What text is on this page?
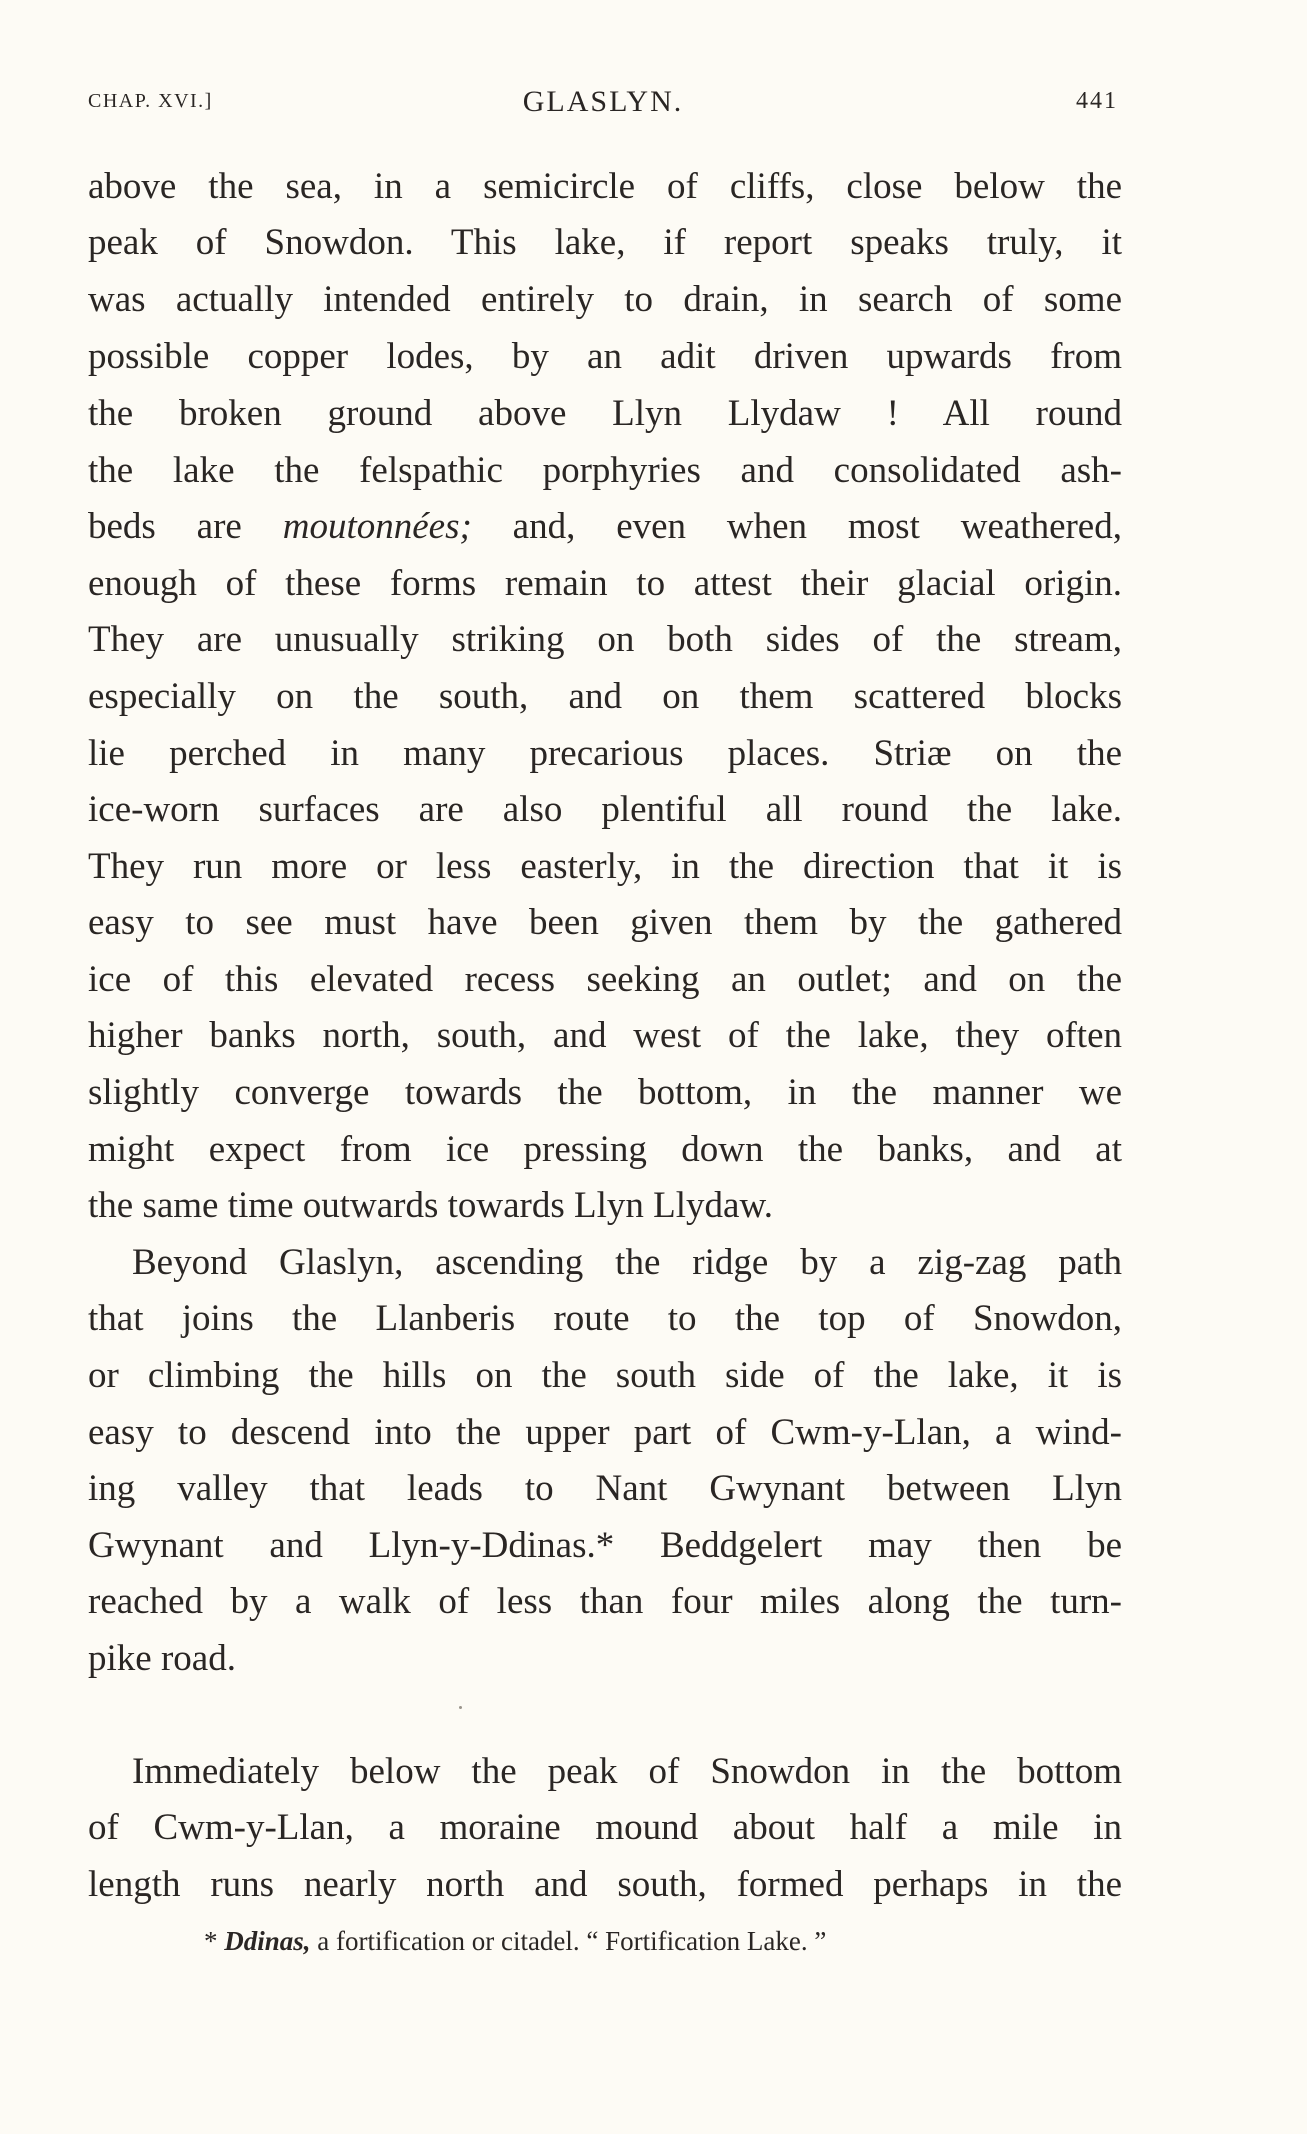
CHAP. XVI.]	GLASLYN.	441
above the sea, in a semicircle of cliffs, close below the
peak of Snowdon. This lake, if report speaks truly, it
was actually intended entirely to drain, in search of some
possible copper lodes, by an adit driven upwards from
the broken ground above Llyn Llydaw ! All round
the lake the felspathic porphyries and consolidated ash-
beds are moutonnées; and, even when most weathered,
enough of these forms remain to attest their glacial origin.
They are unusually striking on both sides of the stream,
especially on the south, and on them scattered blocks
lie perched in many precarious places. Striæ on the
ice-worn surfaces are also plentiful all round the lake.
They run more or less easterly, in the direction that it is
easy to see must have been given them by the gathered
ice of this elevated recess seeking an outlet; and on the
higher banks north, south, and west of the lake, they often
slightly converge towards the bottom, in the manner we
might expect from ice pressing down the banks, and at
the same time outwards towards Llyn Llydaw.
Beyond Glaslyn, ascending the ridge by a zig-zag path
that joins the Llanberis route to the top of Snowdon,
or climbing the hills on the south side of the lake, it is
easy to descend into the upper part of Cwm-y-Llan, a wind-
ing valley that leads to Nant Gwynant between Llyn
Gwynant and Llyn-y-Ddinas.* Beddgelert may then be
reached by a walk of less than four miles along the turn-
pike road.
Immediately below the peak of Snowdon in the bottom
of Cwm-y-Llan, a moraine mound about half a mile in
length runs nearly north and south, formed perhaps in the
* Ddinas, a fortification or citadel. “ Fortification Lake. ”
